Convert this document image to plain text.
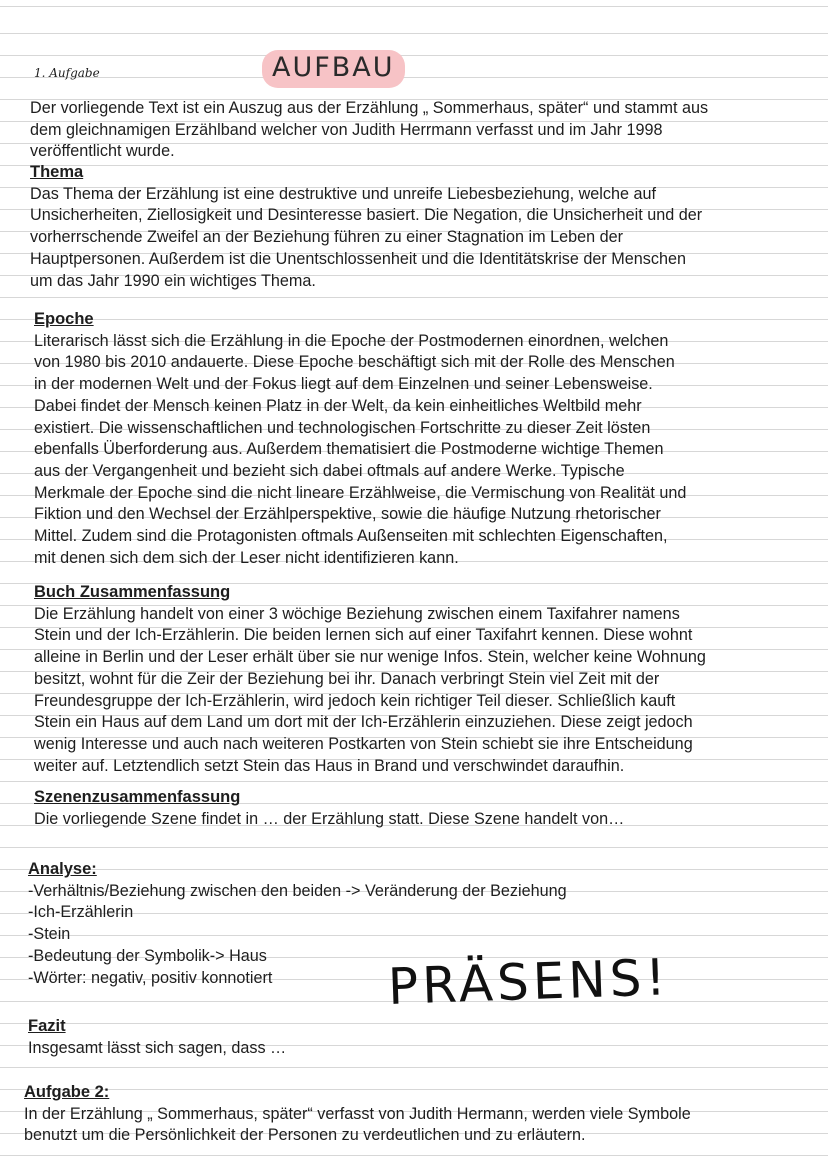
1. Aufgabe	AUFBAU
PRÄSENS!

Der vorliegende Text ist ein Auszug aus der Erzählung „ Sommerhaus, später“ und stammt aus

dem gleichnamigen Erzählband welcher von Judith Herrmann verfasst und im Jahr 1998

veröffentlicht wurde.

Thema

Das Thema der Erzählung ist eine destruktive und unreife Liebesbeziehung, welche auf

Unsicherheiten, Ziellosigkeit und Desinteresse basiert. Die Negation, die Unsicherheit und der

vorherrschende Zweifel an der Beziehung führen zu einer Stagnation im Leben der

Hauptpersonen. Außerdem ist die Unentschlossenheit und die Identitätskrise der Menschen

um das Jahr 1990 ein wichtiges Thema.

Epoche

Literarisch lässt sich die Erzählung in die Epoche der Postmodernen einordnen, welchen

von 1980 bis 2010 andauerte. Diese Epoche beschäftigt sich mit der Rolle des Menschen

in der modernen Welt und der Fokus liegt auf dem Einzelnen und seiner Lebensweise.

Dabei findet der Mensch keinen Platz in der Welt, da kein einheitliches Weltbild mehr

existiert. Die wissenschaftlichen und technologischen Fortschritte zu dieser Zeit lösten

ebenfalls Überforderung aus. Außerdem thematisiert die Postmoderne wichtige Themen

aus der Vergangenheit und bezieht sich dabei oftmals auf andere Werke. Typische

Merkmale der Epoche sind die nicht lineare Erzählweise, die Vermischung von Realität und

Fiktion und den Wechsel der Erzählperspektive, sowie die häufige Nutzung rhetorischer

Mittel. Zudem sind die Protagonisten oftmals Außenseiten mit schlechten Eigenschaften,

mit denen sich dem sich der Leser nicht identifizieren kann.

Buch Zusammenfassung

Die Erzählung handelt von einer 3 wöchige Beziehung zwischen einem Taxifahrer namens

Stein und der Ich-Erzählerin. Die beiden lernen sich auf einer Taxifahrt kennen. Diese wohnt

alleine in Berlin und der Leser erhält über sie nur wenige Infos. Stein, welcher keine Wohnung

besitzt, wohnt für die Zeir der Beziehung bei ihr. Danach verbringt Stein viel Zeit mit der

Freundesgruppe der Ich-Erzählerin, wird jedoch kein richtiger Teil dieser. Schließlich kauft

Stein ein Haus auf dem Land um dort mit der Ich-Erzählerin einzuziehen. Diese zeigt jedoch

wenig Interesse und auch nach weiteren Postkarten von Stein schiebt sie ihre Entscheidung

weiter auf. Letztendlich setzt Stein das Haus in Brand und verschwindet daraufhin.

Szenenzusammenfassung

Die vorliegende Szene findet in … der Erzählung statt. Diese Szene handelt von…

Analyse:

-Verhältnis/Beziehung zwischen den beiden -> Veränderung der Beziehung

-Ich-Erzählerin

-Stein

-Bedeutung der Symbolik-> Haus

-Wörter: negativ, positiv konnotiert

Fazit

Insgesamt lässt sich sagen, dass …

Aufgabe 2:

In der Erzählung „ Sommerhaus, später“ verfasst von Judith Hermann, werden viele Symbole

benutzt um die Persönlichkeit der Personen zu verdeutlichen und zu erläutern.
